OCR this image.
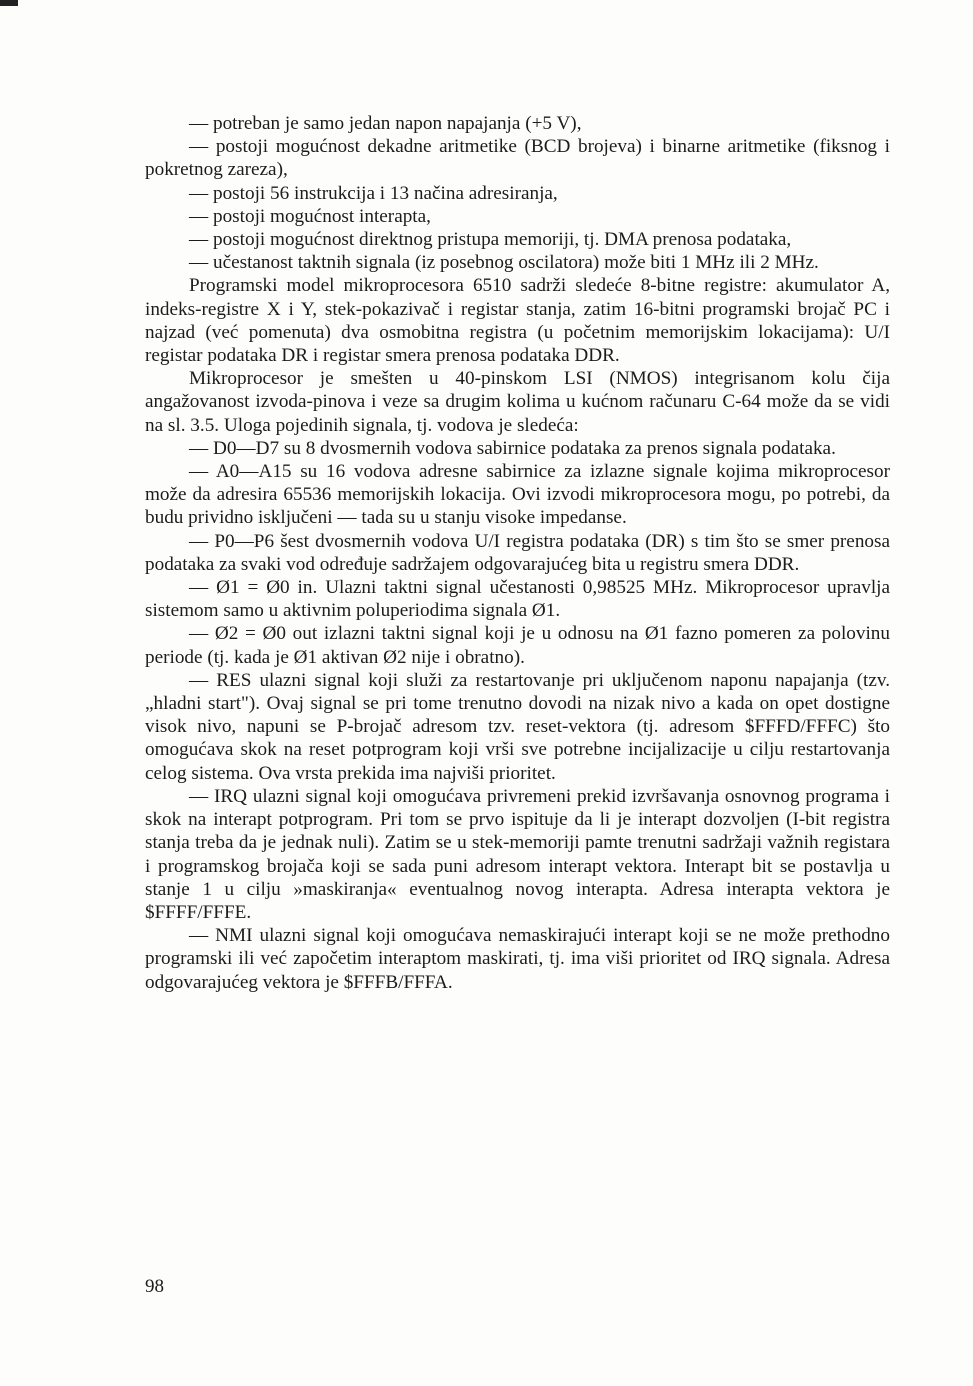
— potreban je samo jedan napon napajanja (+5 V),

— postoji mogućnost dekadne aritmetike (BCD brojeva) i binarne aritmetike (fiksnog i pokretnog zareza),

— postoji 56 instrukcija i 13 načina adresiranja,

— postoji mogućnost interapta,

— postoji mogućnost direktnog pristupa memoriji, tj. DMA prenosa podataka,

— učestanost taktnih signala (iz posebnog oscilatora) može biti 1 MHz ili 2 MHz.

Programski model mikroprocesora 6510 sadrži sledeće 8-bitne registre: akumulator A, indeks-registre X i Y, stek-pokazivač i registar stanja, zatim 16-bitni programski brojač PC i najzad (već pomenuta) dva osmobitna registra (u početnim memorijskim lokacijama): U/I registar podataka DR i registar smera prenosa podataka DDR.

Mikroprocesor je smešten u 40-pinskom LSI (NMOS) integrisanom kolu čija angažovanost izvoda-pinova i veze sa drugim kolima u kućnom računaru C-64 može da se vidi na sl. 3.5. Uloga pojedinih signala, tj. vodova je sledeća:

— D0—D7 su 8 dvosmernih vodova sabirnice podataka za prenos signala podataka.

— A0—A15 su 16 vodova adresne sabirnice za izlazne signale kojima mikroprocesor može da adresira 65536 memorijskih lokacija. Ovi izvodi mikroprocesora mogu, po potrebi, da budu prividno isključeni — tada su u stanju visoke impedanse.

— P0—P6 šest dvosmernih vodova U/I registra podataka (DR) s tim što se smer prenosa podataka za svaki vod određuje sadržajem odgovarajućeg bita u registru smera DDR.

— Ø1 = Ø0 in. Ulazni taktni signal učestanosti 0,98525 MHz. Mikroprocesor upravlja sistemom samo u aktivnim poluperiodima signala Ø1.

— Ø2 = Ø0 out izlazni taktni signal koji je u odnosu na Ø1 fazno pomeren za polovinu periode (tj. kada je Ø1 aktivan Ø2 nije i obratno).

— RES ulazni signal koji služi za restartovanje pri uključenom naponu napajanja (tzv. „hladni start"). Ovaj signal se pri tome trenutno dovodi na nizak nivo a kada on opet dostigne visok nivo, napuni se P-brojač adresom tzv. reset-vektora (tj. adresom $FFFD/FFFC) što omogućava skok na reset potprogram koji vrši sve potrebne incijalizacije u cilju restartovanja celog sistema. Ova vrsta prekida ima najviši prioritet.

— IRQ ulazni signal koji omogućava privremeni prekid izvršavanja osnovnog programa i skok na interapt potprogram. Pri tom se prvo ispituje da li je interapt dozvoljen (I-bit registra stanja treba da je jednak nuli). Zatim se u stek-memoriji pamte trenutni sadržaji važnih registara i programskog brojača koji se sada puni adresom interapt vektora. Interapt bit se postavlja u stanje 1 u cilju »maskiranja« eventualnog novog interapta. Adresa interapta vektora je $FFFF/FFFE.

— NMI ulazni signal koji omogućava nemaskirajući interapt koji se ne može prethodno programski ili već započetim interaptom maskirati, tj. ima viši prioritet od IRQ signala. Adresa odgovarajućeg vektora je $FFFB/FFFA.

98
